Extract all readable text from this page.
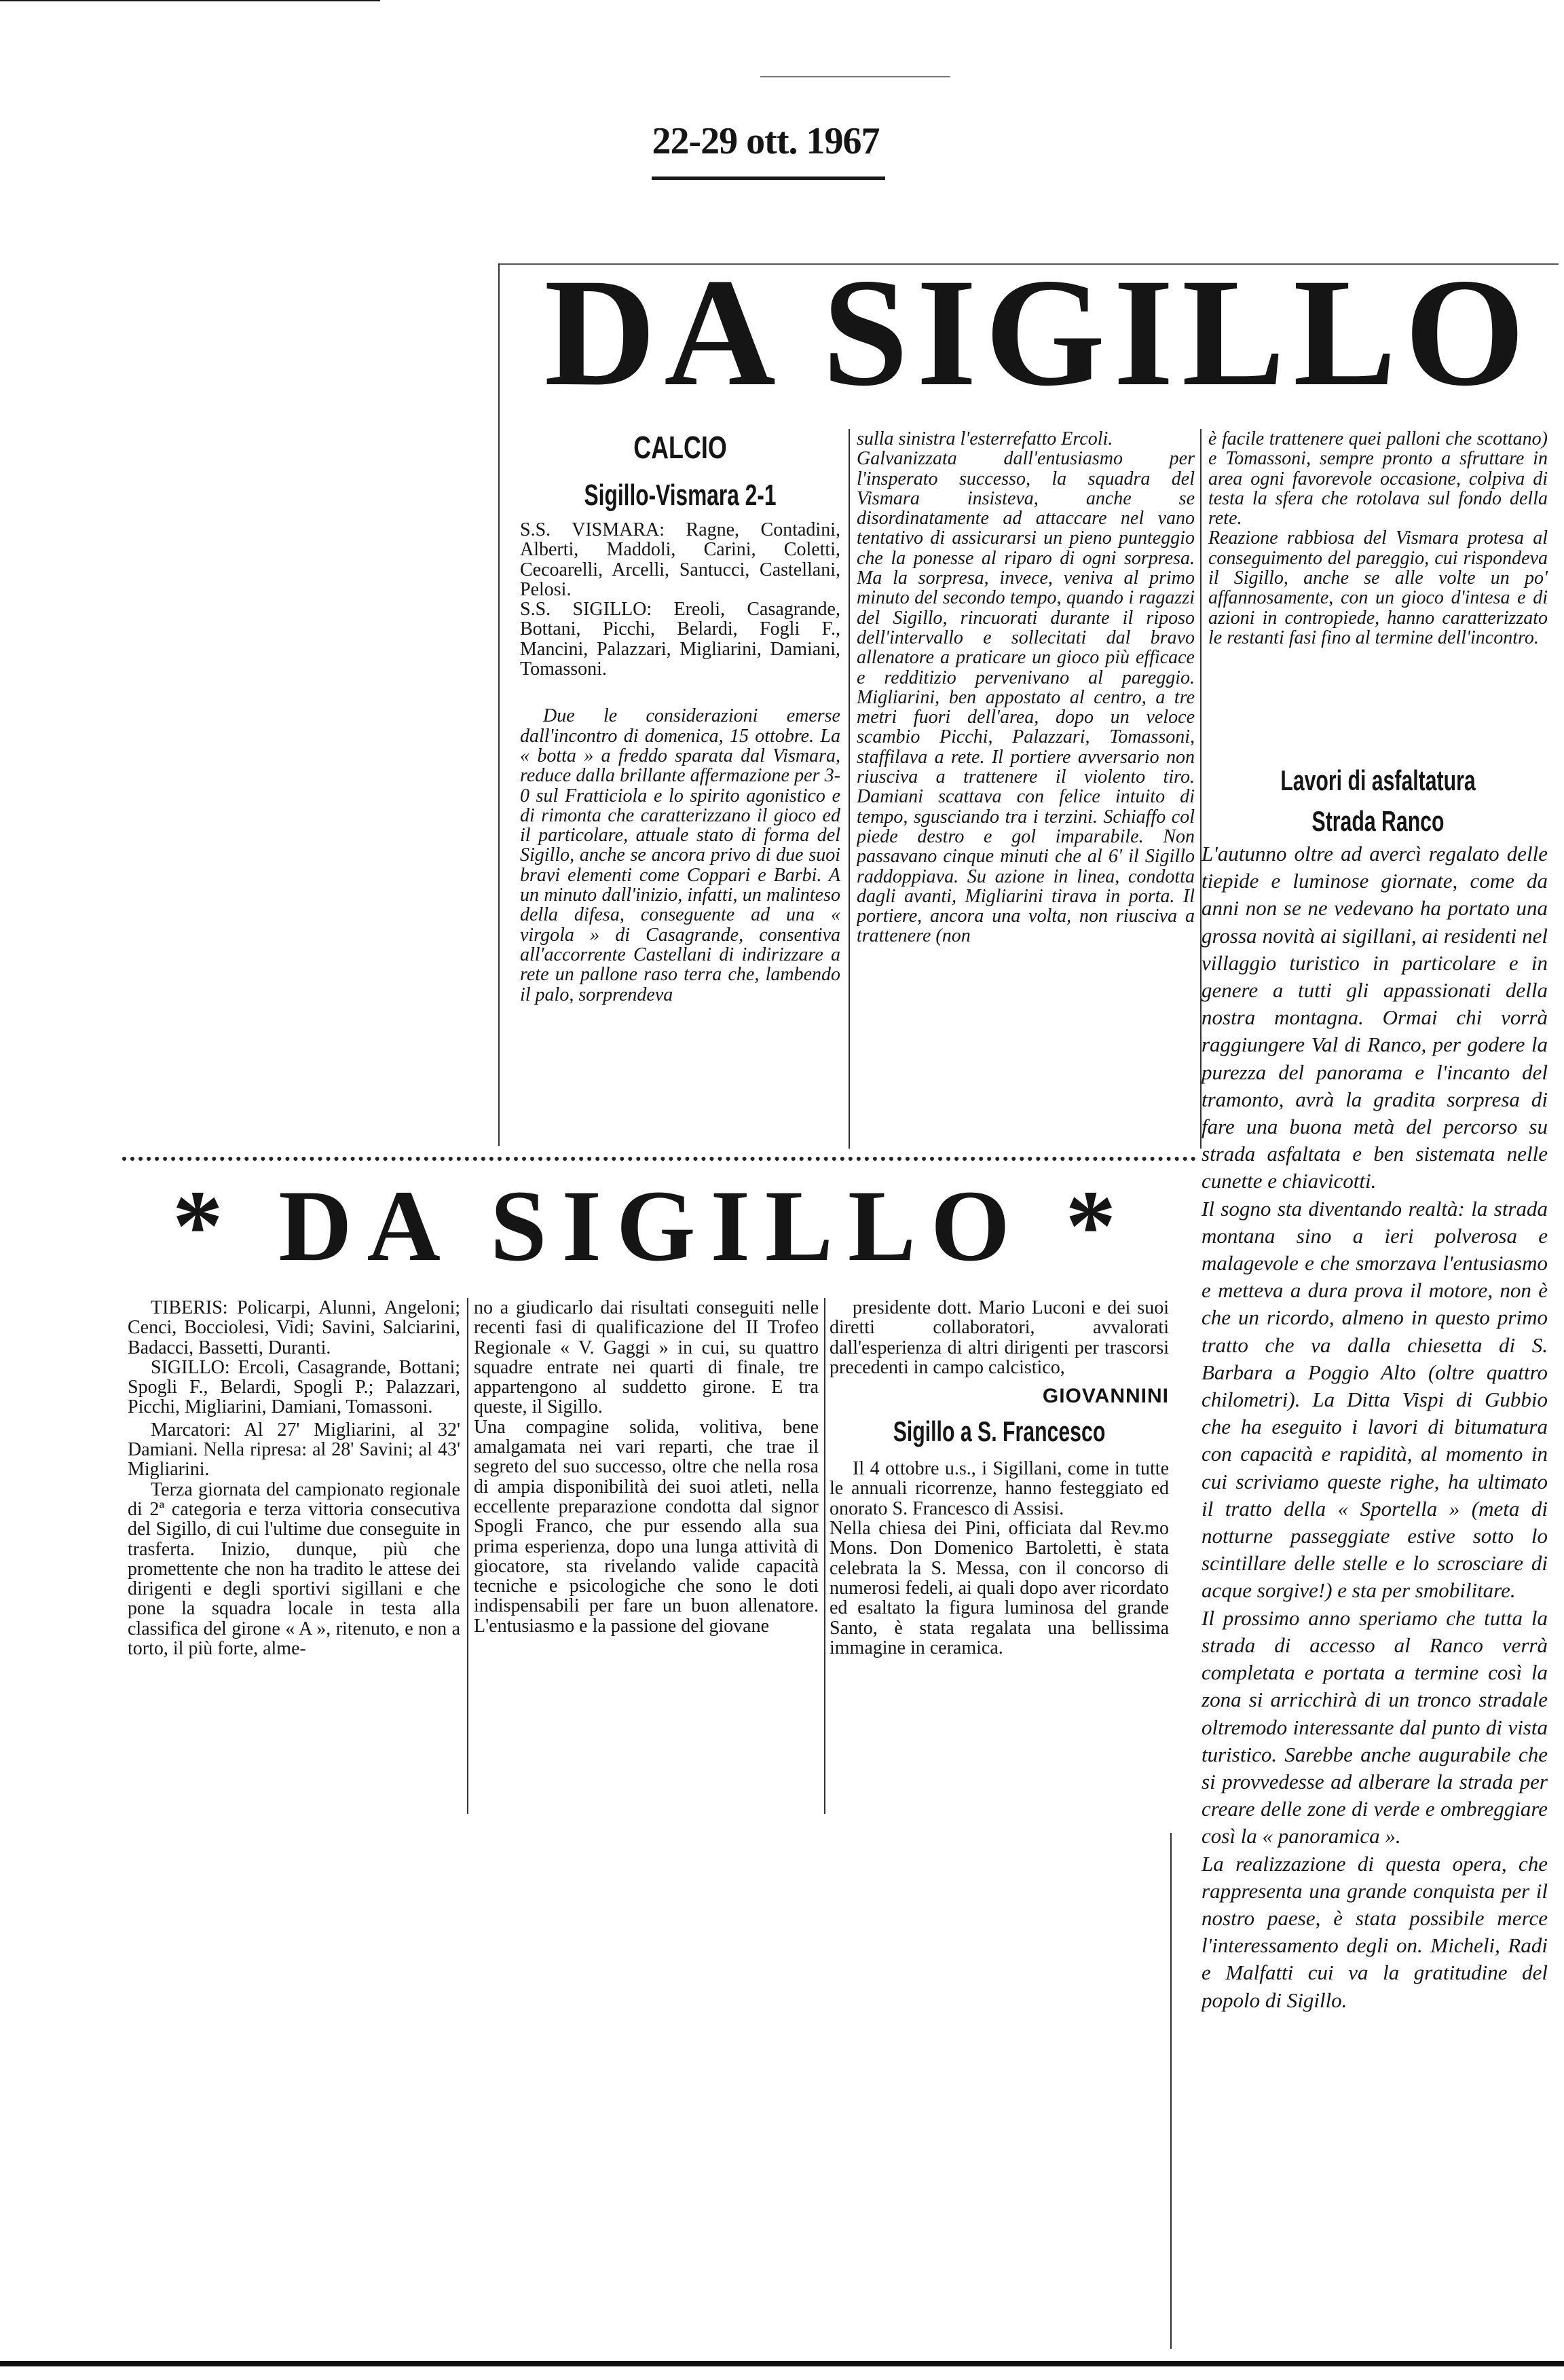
22-29 ott. 1967
DA SIGILLO
CALCIO
Sigillo-Vismara 2-1

S.S. VISMARA: Ragne, Contadini, Alberti, Maddoli, Carini, Coletti, Cecoarelli, Arcelli, Santucci, Castellani, Pelosi.

S.S. SIGILLO: Ereoli, Casagrande, Bottani, Picchi, Belardi, Fogli F., Mancini, Palazzari, Migliarini, Damiani, Tomassoni.

Due le considerazioni emerse dall'incontro di domenica, 15 ottobre. La « botta » a freddo sparata dal Vismara, reduce dalla brillante affermazione per 3-0 sul Fratticiola e lo spirito agonistico e di rimonta che caratterizzano il gioco ed il particolare, attuale stato di forma del Sigillo, anche se ancora privo di due suoi bravi elementi come Coppari e Barbi. A un minuto dall'inizio, infatti, un malinteso della difesa, conseguente ad una « virgola » di Casagrande, consentiva all'accorrente Castellani di indirizzare a rete un pallone raso terra che, lambendo il palo, sorprendeva

sulla sinistra l'esterrefatto Ercoli.
Galvanizzata dall'entusiasmo per l'insperato successo, la squadra del Vismara insisteva, anche se disordinatamente ad attaccare nel vano tentativo di assicurarsi un pieno punteggio che la ponesse al riparo di ogni sorpresa. Ma la sorpresa, invece, veniva al primo minuto del secondo tempo, quando i ragazzi del Sigillo, rincuorati durante il riposo dell'intervallo e sollecitati dal bravo allenatore a praticare un gioco più efficace e redditizio pervenivano al pareggio. Migliarini, ben appostato al centro, a tre metri fuori dell'area, dopo un veloce scambio Picchi, Palazzari, Tomassoni, staffilava a rete. Il portiere avversario non riusciva a trattenere il violento tiro. Damiani scattava con felice intuito di tempo, sgusciando tra i terzini. Schiaffo col piede destro e gol imparabile. Non passavano cinque minuti che al 6' il Sigillo raddoppiava. Su azione in linea, condotta dagli avanti, Migliarini tirava in porta. Il portiere, ancora una volta, non riusciva a trattenere (non

è facile trattenere quei palloni che scottano) e Tomassoni, sempre pronto a sfruttare in area ogni favorevole occasione, colpiva di testa la sfera che rotolava sul fondo della rete.
Reazione rabbiosa del Vismara protesa al conseguimento del pareggio, cui rispondeva il Sigillo, anche se alle volte un po' affannosamente, con un gioco d'intesa e di azioni in contropiede, hanno caratterizzato le restanti fasi fino al termine dell'incontro.

Lavori di asfaltatura Strada Ranco
L'autunno oltre ad avercì regalato delle tiepide e luminose giornate, come da anni non se ne vedevano ha portato una grossa novità ai sigillani, ai residenti nel villaggio turistico in particolare e in genere a tutti gli appassionati della nostra montagna. Ormai chi vorrà raggiungere Val di Ranco, per godere la purezza del panorama e l'incanto del tramonto, avrà la gradita sorpresa di fare una buona metà del percorso su strada asfaltata e ben sistemata nelle cunette e chiavicotti.
Il sogno sta diventando realtà: la strada montana sino a ieri polverosa e malagevole e che smorzava l'entusiasmo e metteva a dura prova il motore, non è che un ricordo, almeno in questo primo tratto che va dalla chiesetta di S. Barbara a Poggio Alto (oltre quattro chilometri). La Ditta Vispi di Gubbio che ha eseguito i lavori di bitumatura con capacità e rapidità, al momento in cui scriviamo queste righe, ha ultimato il tratto della « Sportella » (meta di notturne passeggiate estive sotto lo scintillare delle stelle e lo scrosciare di acque sorgive!) e sta per smobilitare.
Il prossimo anno speriamo che tutta la strada di accesso al Ranco verrà completata e portata a termine così la zona si arricchirà di un tronco stradale oltremodo interessante dal punto di vista turistico. Sarebbe anche augurabile che si provvedesse ad alberare la strada per creare delle zone di verde e ombreggiare così la « panoramica ».
La realizzazione di questa opera, che rappresenta una grande conquista per il nostro paese, è stata possibile merce l'interessamento degli on. Micheli, Radi e Malfatti cui va la gratitudine del popolo di Sigillo.
* DA SIGILLO *

TIBERIS: Policarpi, Alunni, Angeloni; Cenci, Bocciolesi, Vidi; Savini, Salciarini, Badacci, Bassetti, Duranti.

SIGILLO: Ercoli, Casagrande, Bottani; Spogli F., Belardi, Spogli P.; Palazzari, Picchi, Migliarini, Damiani, Tomassoni.

Marcatori: Al 27' Migliarini, al 32' Damiani. Nella ripresa: al 28' Savini; al 43' Migliarini.

Terza giornata del campionato regionale di 2ª categoria e terza vittoria consecutiva del Sigillo, di cui l'ultime due conseguite in trasferta. Inizio, dunque, più che promettente che non ha tradito le attese dei dirigenti e degli sportivi sigillani e che pone la squadra locale in testa alla classifica del girone « A », ritenuto, e non a torto, il più forte, alme-

no a giudicarlo dai risultati conseguiti nelle recenti fasi di qualificazione del II Trofeo Regionale « V. Gaggi » in cui, su quattro squadre entrate nei quarti di finale, tre appartengono al suddetto girone. E tra queste, il Sigillo.
Una compagine solida, volitiva, bene amalgamata nei vari reparti, che trae il segreto del suo successo, oltre che nella rosa di ampia disponibilità dei suoi atleti, nella eccellente preparazione condotta dal signor Spogli Franco, che pur essendo alla sua prima esperienza, dopo una lunga attività di giocatore, sta rivelando valide capacità tecniche e psicologiche che sono le doti indispensabili per fare un buon allenatore. L'entusiasmo e la passione del giovane

presidente dott. Mario Luconi e dei suoi diretti collaboratori, avvalorati dall'esperienza di altri dirigenti per trascorsi precedenti in campo calcistico,

GIOVANNINI
Sigillo a S. Francesco

Il 4 ottobre u.s., i Sigillani, come in tutte le annuali ricorrenze, hanno festeggiato ed onorato S. Francesco di Assisi.
Nella chiesa dei Pini, officiata dal Rev.mo Mons. Don Domenico Bartoletti, è stata celebrata la S. Messa, con il concorso di numerosi fedeli, ai quali dopo aver ricordato ed esaltato la figura luminosa del grande Santo, è stata regalata una bellissima immagine in ceramica.
